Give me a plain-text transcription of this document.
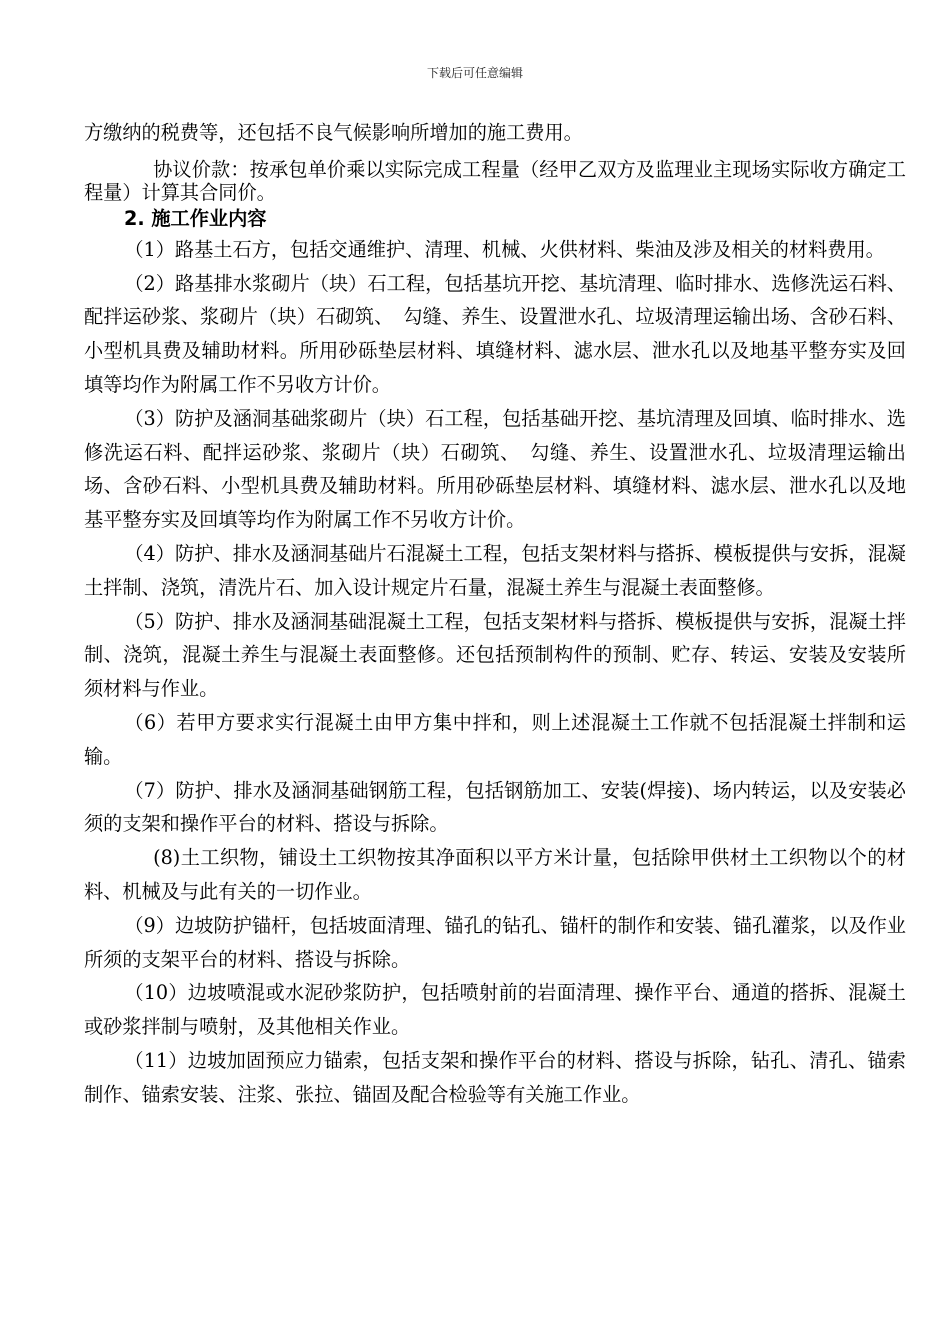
下载后可任意编辑

方缴纳的税费等，还包括不良气候影响所增加的施工费用。

协议价款：按承包单价乘以实际完成工程量（经甲乙双方及监理业主现场实际收方确定工程量）计算其合同价。

2. 施工作业内容

（1）路基土石方，包括交通维护、清理、机械、火供材料、柴油及涉及相关的材料费用。

（2）路基排水浆砌片（块）石工程，包括基坑开挖、基坑清理、临时排水、选修洗运石料、配拌运砂浆、浆砌片（块）石砌筑、　勾缝、养生、设置泄水孔、垃圾清理运输出场、含砂石料、小型机具费及辅助材料。所用砂砾垫层材料、填缝材料、滤水层、泄水孔以及地基平整夯实及回填等均作为附属工作不另收方计价。

（3）防护及涵洞基础浆砌片（块）石工程，包括基础开挖、基坑清理及回填、临时排水、选修洗运石料、配拌运砂浆、浆砌片（块）石砌筑、　勾缝、养生、设置泄水孔、垃圾清理运输出场、含砂石料、小型机具费及辅助材料。所用砂砾垫层材料、填缝材料、滤水层、泄水孔以及地基平整夯实及回填等均作为附属工作不另收方计价。

（4）防护、排水及涵洞基础片石混凝土工程，包括支架材料与搭拆、模板提供与安拆，混凝土拌制、浇筑，清洗片石、加入设计规定片石量，混凝土养生与混凝土表面整修。

（5）防护、排水及涵洞基础混凝土工程，包括支架材料与搭拆、模板提供与安拆，混凝土拌制、浇筑，混凝土养生与混凝土表面整修。还包括预制构件的预制、贮存、转运、安装及安装所须材料与作业。

（6）若甲方要求实行混凝土由甲方集中拌和，则上述混凝土工作就不包括混凝土拌制和运输。

（7）防护、排水及涵洞基础钢筋工程，包括钢筋加工、安装(焊接)、场内转运，以及安装必须的支架和操作平台的材料、搭设与拆除。

(8)土工织物，铺设土工织物按其净面积以平方米计量，包括除甲供材土工织物以个的材料、机械及与此有关的一切作业。

（9）边坡防护锚杆，包括坡面清理、锚孔的钻孔、锚杆的制作和安装、锚孔灌浆，以及作业所须的支架平台的材料、搭设与拆除。

（10）边坡喷混或水泥砂浆防护，包括喷射前的岩面清理、操作平台、通道的搭拆、混凝土或砂浆拌制与喷射，及其他相关作业。

（11）边坡加固预应力锚索，包括支架和操作平台的材料、搭设与拆除，钻孔、清孔、锚索制作、锚索安装、注浆、张拉、锚固及配合检验等有关施工作业。
